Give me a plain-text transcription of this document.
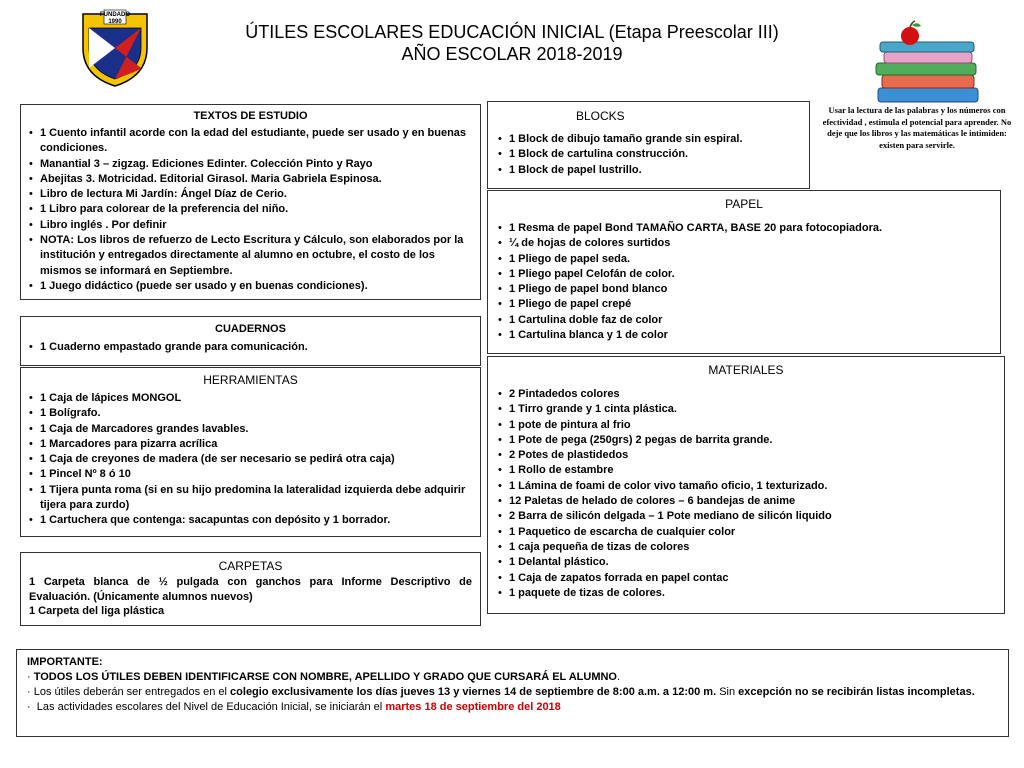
FUNDADO
1990	ÚTILES ESCOLARES EDUCACIÓN INICIAL (Etapa Preescolar III)
AÑO ESCOLAR 2018-2019
Usar la lectura de las palabras y los números con efectividad , estimula el potencial para aprender. No deje que los libros y las matemáticas le intimiden: existen para servirle.

TEXTOS DE ESTUDIO

• 1 Cuento infantil acorde con la edad del estudiante, puede ser usado y en buenas condiciones.
• Manantial 3 – zigzag. Ediciones Edinter. Colección Pinto y Rayo
• Abejitas 3. Motricidad. Editorial Girasol. Maria Gabriela Espinosa.
• Libro de lectura Mi Jardín: Ángel Díaz de Cerio.
• 1 Libro para colorear de la preferencia del niño.
• Libro inglés . Por definir
• NOTA: Los libros de refuerzo de Lecto Escritura y Cálculo, son elaborados por la institución y entregados directamente al alumno en octubre, el costo de los mismos se informará en Septiembre.
• 1 Juego didáctico (puede ser usado y en buenas condiciones).

CUADERNOS

• 1 Cuaderno empastado grande para comunicación.

HERRAMIENTAS

• 1 Caja de lápices MONGOL
• 1 Bolígrafo.
• 1 Caja de Marcadores grandes lavables.
• 1 Marcadores para pizarra acrílica
• 1 Caja de creyones de madera (de ser necesario se pedirá otra caja)
• 1 Pincel Nº 8 ó 10
• 1 Tijera punta roma (si en su hijo predomina la lateralidad izquierda debe adquirir tijera para zurdo)
• 1 Cartuchera que contenga: sacapuntas con depósito y 1 borrador.

CARPETAS

1 Carpeta blanca de ½ pulgada con ganchos para Informe Descriptivo de Evaluación. (Únicamente alumnos nuevos)
1 Carpeta del liga plástica

BLOCKS

• 1 Block de dibujo tamaño grande sin espiral.
• 1 Block de cartulina construcción.
• 1 Block de papel lustrillo.

PAPEL

• 1 Resma de papel Bond TAMAÑO CARTA, BASE 20 para fotocopiadora.
• ¼ de hojas de colores surtidos
• 1 Pliego de papel seda.
• 1 Pliego papel Celofán de color.
• 1 Pliego de papel bond blanco
• 1 Pliego de papel crepé
• 1 Cartulina doble faz de color
• 1 Cartulina blanca y 1 de color

MATERIALES

• 2 Pintadedos colores
• 1 Tirro grande y 1 cinta plástica.
• 1 pote de pintura al frio
• 1 Pote de pega (250grs) 2 pegas de barrita grande.
• 2 Potes de plastidedos
• 1 Rollo de estambre
• 1 Lámina de foami de color vivo tamaño oficio, 1 texturizado.
• 12 Paletas de helado de colores – 6 bandejas de anime
• 2 Barra de silicón delgada – 1 Pote mediano de silicón liquido
• 1 Paquetico de escarcha de cualquier color
• 1 caja pequeña de tizas de colores
• 1 Delantal plástico.
• 1 Caja de zapatos forrada en papel contac
• 1 paquete de tizas de colores.

IMPORTANTE:

· TODOS LOS ÚTILES DEBEN IDENTIFICARSE CON NOMBRE, APELLIDO Y GRADO QUE CURSARÁ EL ALUMNO.

· Los útiles deberán ser entregados en el colegio exclusivamente los días jueves 13 y viernes 14 de septiembre de 8:00 a.m. a 12:00 m. Sin excepción no se recibirán listas incompletas.

·  Las actividades escolares del Nivel de Educación Inicial, se iniciarán el martes 18 de septiembre del 2018
